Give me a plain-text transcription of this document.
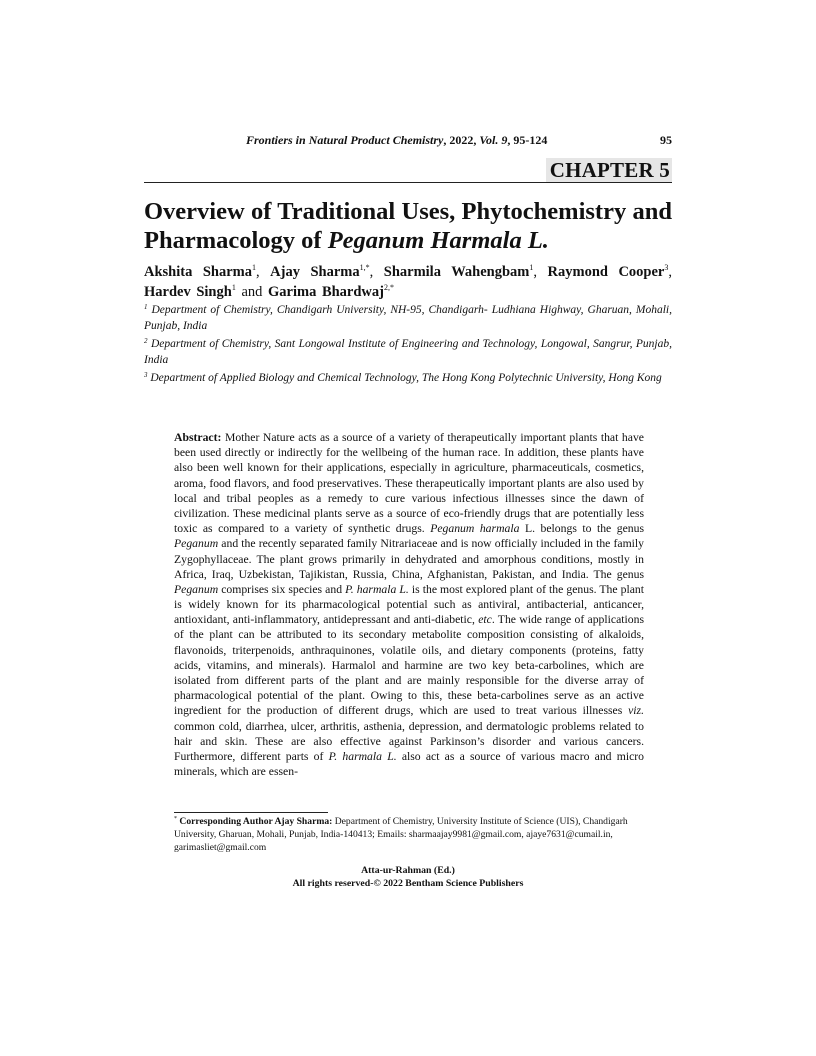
Frontiers in Natural Product Chemistry, 2022, Vol. 9, 95-124	95
CHAPTER 5
Overview of Traditional Uses, Phytochemistry and Pharmacology of Peganum Harmala L.
Akshita Sharma$^1$, Ajay Sharma$^{1,*}$, Sharmila Wahengbam$^1$, Raymond Cooper$^3$, Hardev Singh$^1$ and Garima Bhardwaj$^{2,*}$

$^1$ Department of Chemistry, Chandigarh University, NH-95, Chandigarh- Ludhiana Highway, Gharuan, Mohali, Punjab, India

$^2$ Department of Chemistry, Sant Longowal Institute of Engineering and Technology, Longowal, Sangrur, Punjab, India

$^3$ Department of Applied Biology and Chemical Technology, The Hong Kong Polytechnic University, Hong Kong

Abstract: Mother Nature acts as a source of a variety of therapeutically important plants that have been used directly or indirectly for the wellbeing of the human race. In addition, these plants have also been well known for their applications, especially in agriculture, pharmaceuticals, cosmetics, aroma, food flavors, and food preservatives. These therapeutically important plants are also used by local and tribal peoples as a remedy to cure various infectious illnesses since the dawn of civilization. These medicinal plants serve as a source of eco-friendly drugs that are potentially less toxic as compared to a variety of synthetic drugs. Peganum harmala L. belongs to the genus Peganum and the recently separated family Nitrariaceae and is now officially included in the family Zygophyllaceae. The plant grows primarily in dehydrated and amorphous conditions, mostly in Africa, Iraq, Uzbekistan, Tajikistan, Russia, China, Afghanistan, Pakistan, and India. The genus Peganum comprises six species and P. harmala L. is the most explored plant of the genus. The plant is widely known for its pharmacological potential such as antiviral, antibacterial, anticancer, antioxidant, anti-inflammatory, antidepressant and anti-diabetic, etc. The wide range of applications of the plant can be attributed to its secondary metabolite composition consisting of alkaloids, flavonoids, triterpenoids, anthraquinones, volatile oils, and dietary components (proteins, fatty acids, vitamins, and minerals). Harmalol and harmine are two key beta-carbolines, which are isolated from different parts of the plant and are mainly responsible for the diverse array of pharmacological potential of the plant. Owing to this, these beta-carbolines serve as an active ingredient for the production of different drugs, which are used to treat various illnesses viz. common cold, diarrhea, ulcer, arthritis, asthenia, depression, and dermatologic problems related to hair and skin. These are also effective against Parkinson’s disorder and various cancers. Furthermore, different parts of P. harmala L. also act as a source of various macro and micro minerals, which are essen-

* Corresponding Author Ajay Sharma: Department of Chemistry, University Institute of Science (UIS), Chandigarh University, Gharuan, Mohali, Punjab, India-140413; Emails: sharmaajay9981@gmail.com, ajaye7631@cumail.in, garimasliet@gmail.com

Atta-ur-Rahman (Ed.)
All rights reserved-© 2022 Bentham Science Publishers
